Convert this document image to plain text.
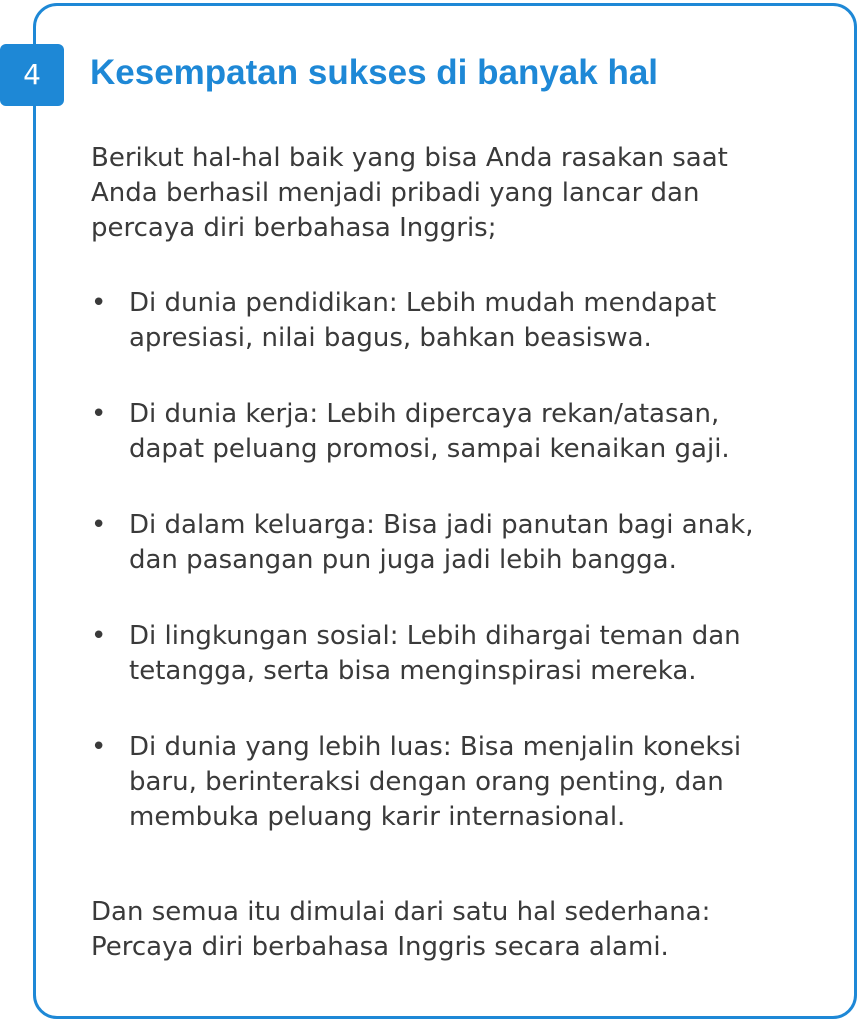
4	Kesempatan sukses di banyak hal

Berikut hal-hal baik yang bisa Anda rasakan saat
Anda berhasil menjadi pribadi yang lancar dan
percaya diri berbahasa Inggris;

• Di dunia pendidikan: Lebih mudah mendapat
apresiasi, nilai bagus, bahkan beasiswa.
• Di dunia kerja: Lebih dipercaya rekan/atasan,
dapat peluang promosi, sampai kenaikan gaji.
• Di dalam keluarga: Bisa jadi panutan bagi anak,
dan pasangan pun juga jadi lebih bangga.
• Di lingkungan sosial: Lebih dihargai teman dan
tetangga, serta bisa menginspirasi mereka.
• Di dunia yang lebih luas: Bisa menjalin koneksi
baru, berinteraksi dengan orang penting, dan
membuka peluang karir internasional.

Dan semua itu dimulai dari satu hal sederhana:
Percaya diri berbahasa Inggris secara alami.
